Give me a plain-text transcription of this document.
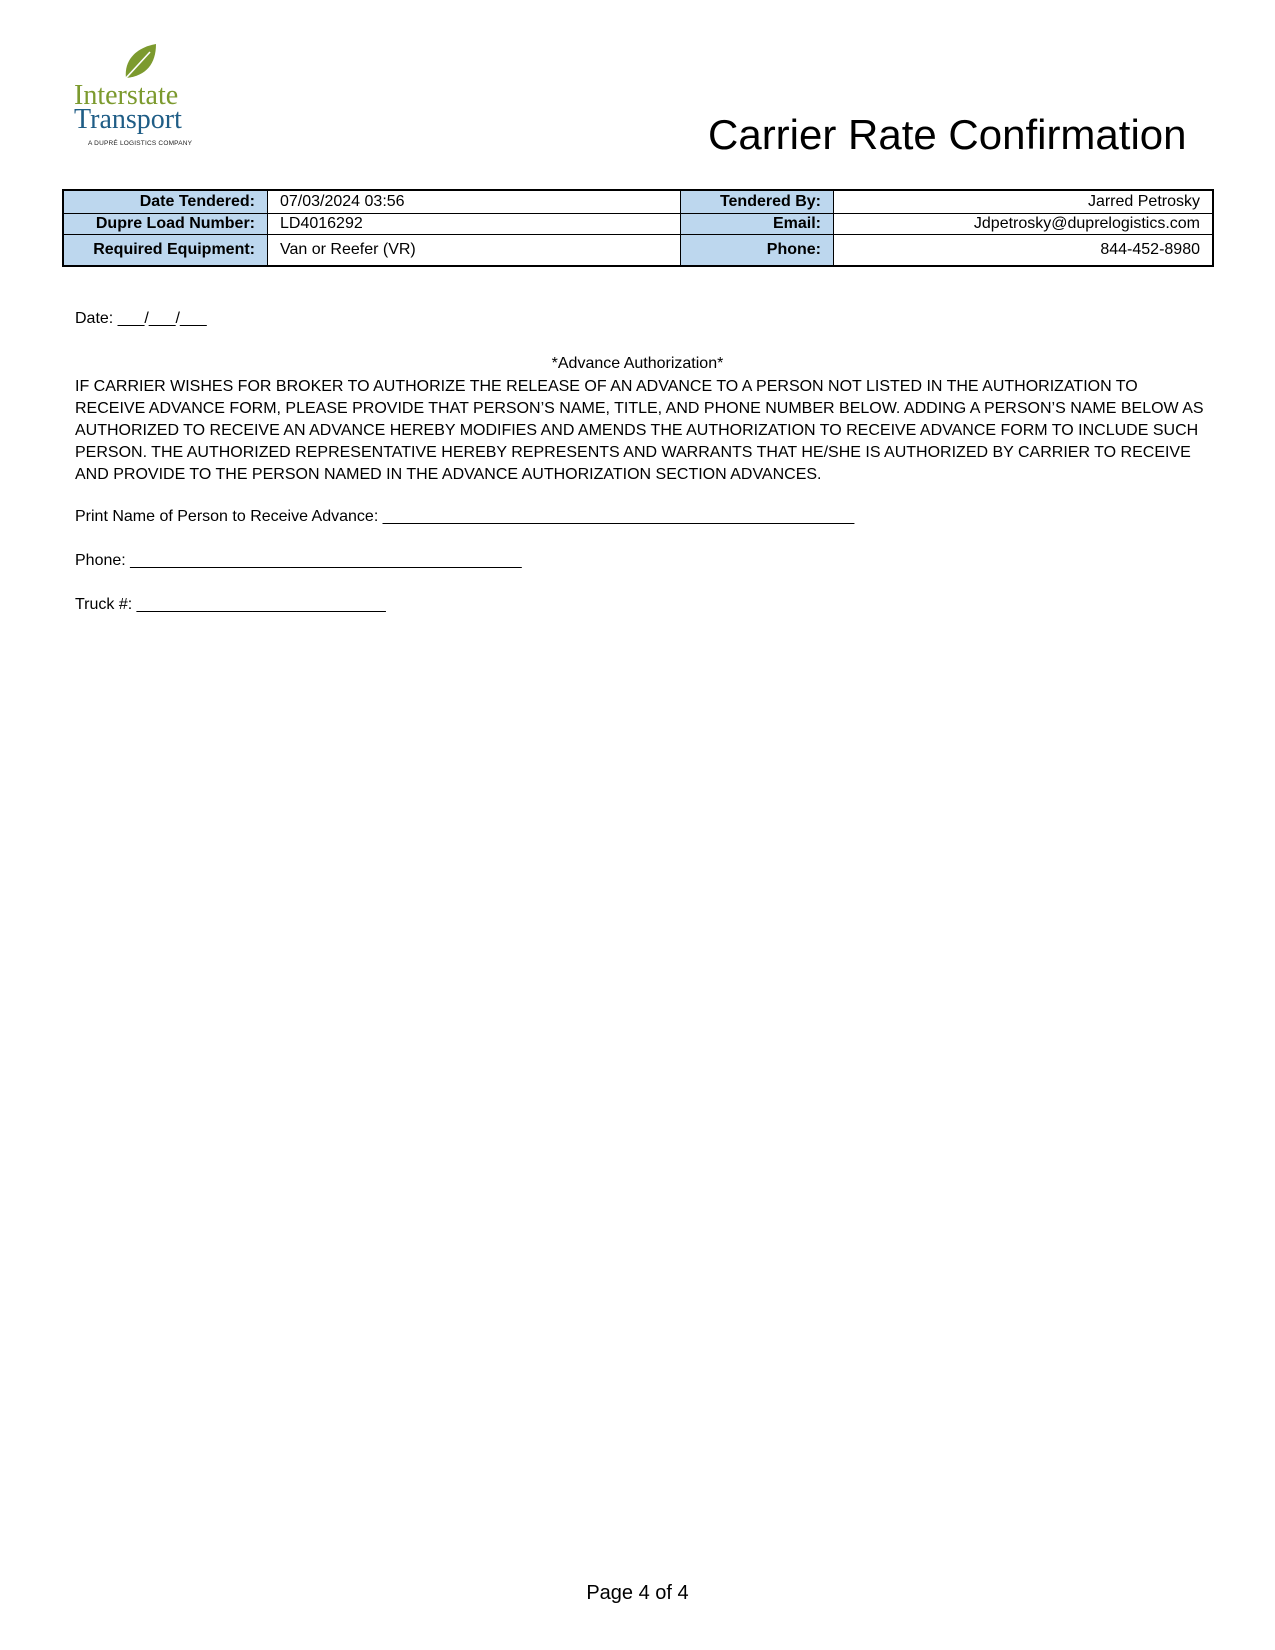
Interstate
Transport
A DUPRÉ LOGISTICS COMPANY	Carrier Rate Confirmation
Date Tendered:	07/03/2024 03:56	Tendered By:	Jarred Petrosky
Dupre Load Number:	LD4016292	Email:	Jdpetrosky@duprelogistics.com
Required Equipment:	Van or Reefer (VR)	Phone:	844-452-8980
Date: ___/___/___
*Advance Authorization*
IF CARRIER WISHES FOR BROKER TO AUTHORIZE THE RELEASE OF AN ADVANCE TO A PERSON NOT LISTED IN THE AUTHORIZATION TO RECEIVE ADVANCE FORM, PLEASE PROVIDE THAT PERSON’S NAME, TITLE, AND PHONE NUMBER BELOW. ADDING A PERSON’S NAME BELOW AS AUTHORIZED TO RECEIVE AN ADVANCE HEREBY MODIFIES AND AMENDS THE AUTHORIZATION TO RECEIVE ADVANCE FORM TO INCLUDE SUCH PERSON. THE AUTHORIZED REPRESENTATIVE HEREBY REPRESENTS AND WARRANTS THAT HE/SHE IS AUTHORIZED BY CARRIER TO RECEIVE AND PROVIDE TO THE PERSON NAMED IN THE ADVANCE AUTHORIZATION SECTION ADVANCES.
Print Name of Person to Receive Advance: _____________________________________________________
Phone: ____________________________________________
Truck #: ____________________________
Page 4 of 4
